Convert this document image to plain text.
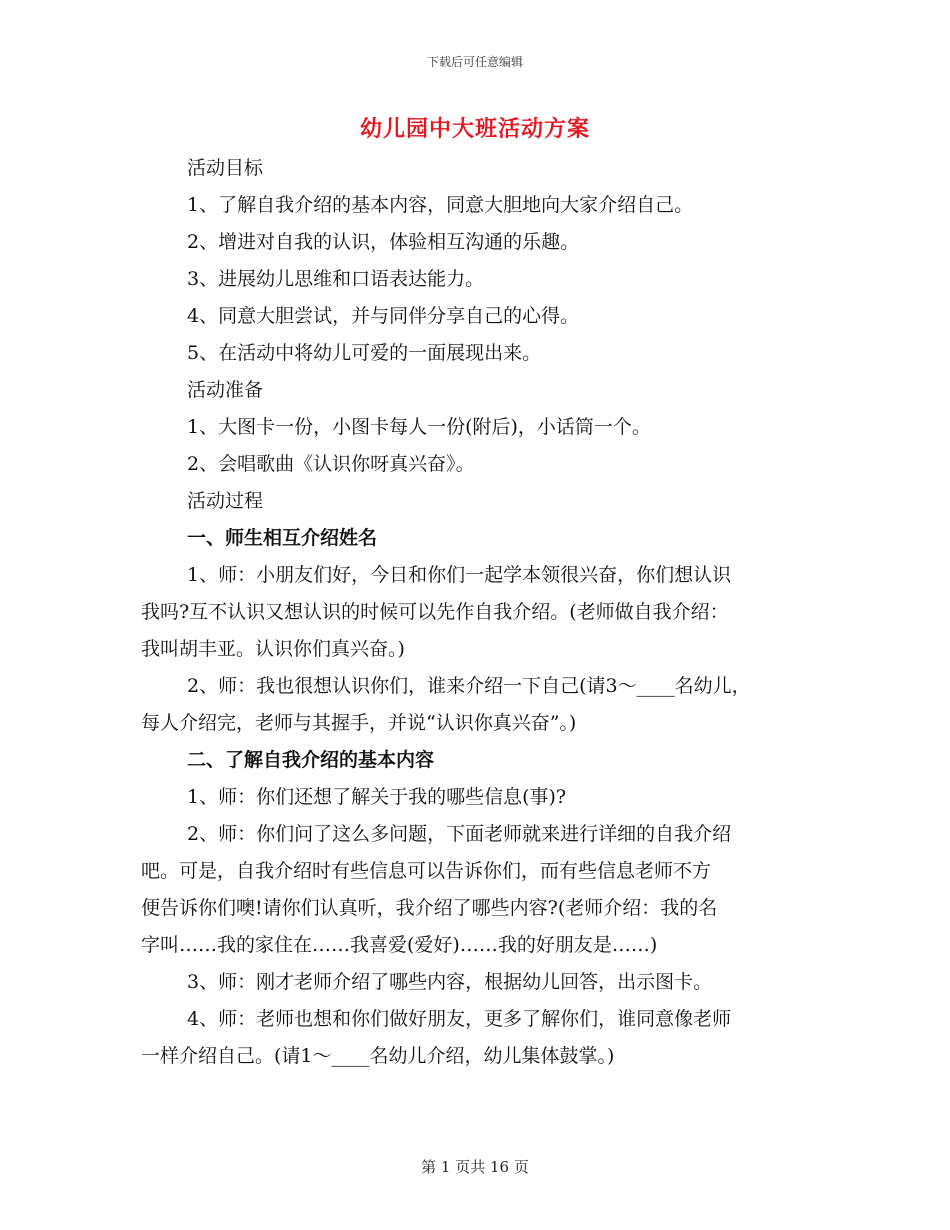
下载后可任意编辑
幼儿园中大班活动方案

活动目标

1、了解自我介绍的基本内容，同意大胆地向大家介绍自己。

2、增进对自我的认识，体验相互沟通的乐趣。

3、进展幼儿思维和口语表达能力。

4、同意大胆尝试，并与同伴分享自己的心得。

5、在活动中将幼儿可爱的一面展现出来。

活动准备

1、大图卡一份，小图卡每人一份(附后)，小话筒一个。

2、会唱歌曲《认识你呀真兴奋》。

活动过程

一、师生相互介绍姓名

1、师：小朋友们好，今日和你们一起学本领很兴奋，你们想认识

我吗?互不认识又想认识的时候可以先作自我介绍。(老师做自我介绍：

我叫胡丰亚。认识你们真兴奋。)

2、师：我也很想认识你们，谁来介绍一下自己(请3～____名幼儿，

每人介绍完，老师与其握手，并说“认识你真兴奋”。)

二、了解自我介绍的基本内容

1、师：你们还想了解关于我的哪些信息(事)?

2、师：你们问了这么多问题，下面老师就来进行详细的自我介绍

吧。可是，自我介绍时有些信息可以告诉你们，而有些信息老师不方

便告诉你们噢!请你们认真听，我介绍了哪些内容?(老师介绍：我的名

字叫……我的家住在……我喜爱(爱好)……我的好朋友是……)

3、师：刚才老师介绍了哪些内容，根据幼儿回答，出示图卡。

4、师：老师也想和你们做好朋友，更多了解你们，谁同意像老师

一样介绍自己。(请1～____名幼儿介绍，幼儿集体鼓掌。)

第 1 页共 16 页
